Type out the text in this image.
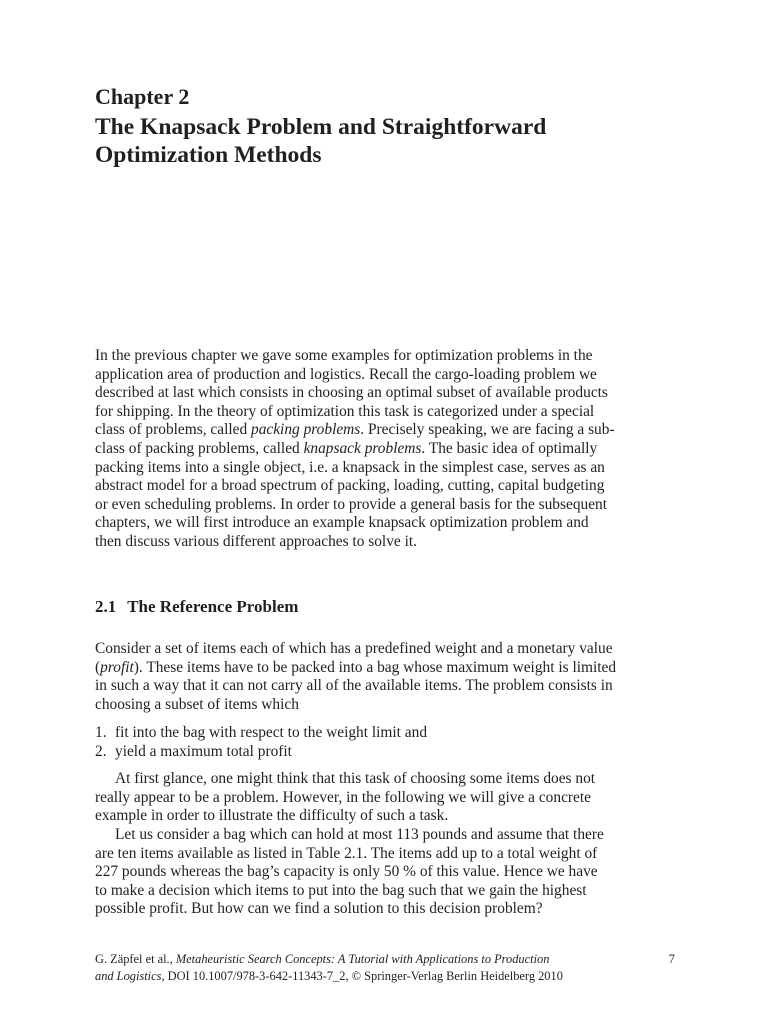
Chapter 2
The Knapsack Problem and Straightforward
Optimization Methods
In the previous chapter we gave some examples for optimization problems in the
application area of production and logistics. Recall the cargo-loading problem we
described at last which consists in choosing an optimal subset of available products
for shipping. In the theory of optimization this task is categorized under a special
class of problems, called packing problems. Precisely speaking, we are facing a sub-
class of packing problems, called knapsack problems. The basic idea of optimally
packing items into a single object, i.e. a knapsack in the simplest case, serves as an
abstract model for a broad spectrum of packing, loading, cutting, capital budgeting
or even scheduling problems. In order to provide a general basis for the subsequent
chapters, we will first introduce an example knapsack optimization problem and
then discuss various different approaches to solve it.
2.1 The Reference Problem
Consider a set of items each of which has a predefined weight and a monetary value
(profit). These items have to be packed into a bag whose maximum weight is limited
in such a way that it can not carry all of the available items. The problem consists in
choosing a subset of items which
1. fit into the bag with respect to the weight limit and
2. yield a maximum total profit
At first glance, one might think that this task of choosing some items does not
really appear to be a problem. However, in the following we will give a concrete
example in order to illustrate the difficulty of such a task.
Let us consider a bag which can hold at most 113 pounds and assume that there
are ten items available as listed in Table 2.1. The items add up to a total weight of
227 pounds whereas the bag’s capacity is only 50 % of this value. Hence we have
to make a decision which items to put into the bag such that we gain the highest
possible profit. But how can we find a solution to this decision problem?
G. Zäpfel et al., Metaheuristic Search Concepts: A Tutorial with Applications to Production	7
and Logistics, DOI 10.1007/978-3-642-11343-7_2, © Springer-Verlag Berlin Heidelberg 2010
